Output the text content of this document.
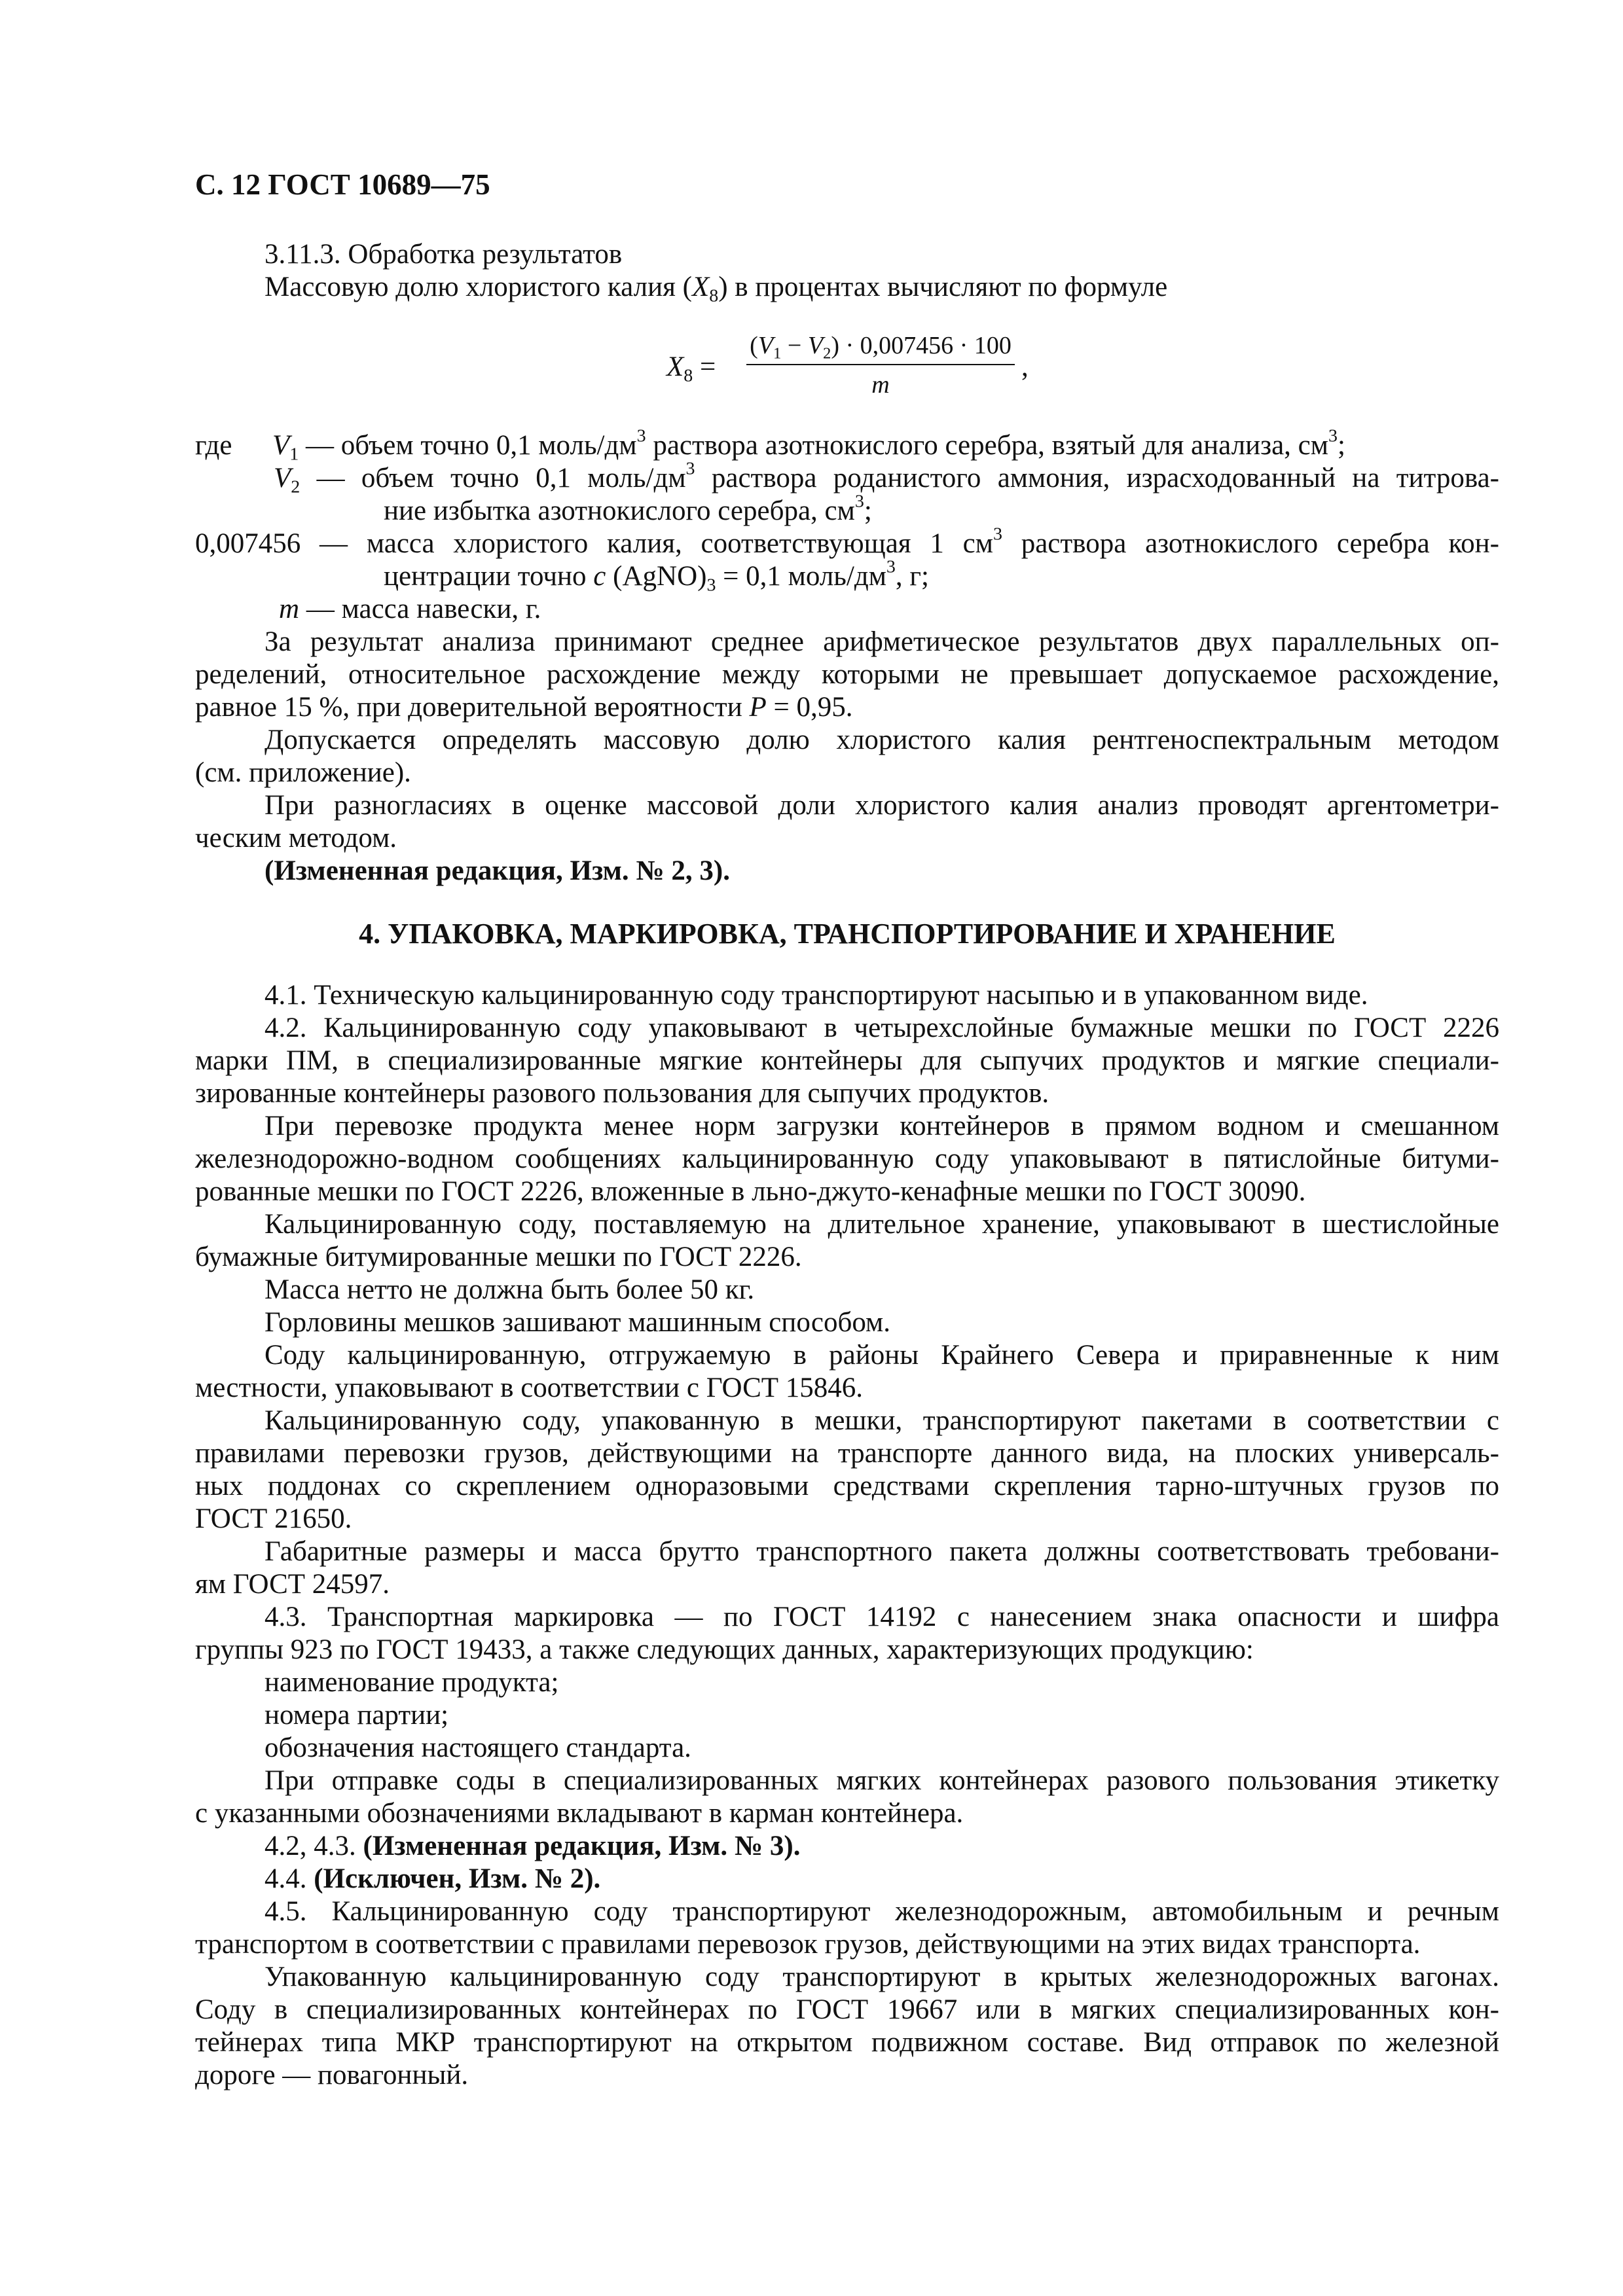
С. 12 ГОСТ 10689—75
3.11.3. Обработка результатов
Массовую долю хлористого калия $(X_8)$ в процентах вычисляют по формуле
$X_8$ =
$(V_1 - V_2) \cdot 0,007456 \cdot 100$
m
,
где $V_1$ — объем точно 0,1 моль/$дм^3$ раствора азотнокислого серебра, взятый для анализа, $см^3$;
$V_2$ — объем точно 0,1 моль/$дм^3$ раствора роданистого аммония, израсходованный на титрова-
ние избытка азотнокислого серебра, $см^3$;
0,007456 — масса хлористого калия, соответствующая 1 $см^3$ раствора азотнокислого серебра кон-
центрации точно c $(AgNO)_3 = 0,1$ моль/$дм^3$, г;
m — масса навески, г.
За результат анализа принимают среднее арифметическое результатов двух параллельных оп-
ределений, относительное расхождение между которыми не превышает допускаемое расхождение,
равное 15 %, при доверительной вероятности P = 0,95.
Допускается определять массовую долю хлористого калия рентгеноспектральным методом
(см. приложение).
При разногласиях в оценке массовой доли хлористого калия анализ проводят аргентометри-
ческим методом.
(Измененная редакция, Изм. № 2, 3).
4. УПАКОВКА, МАРКИРОВКА, ТРАНСПОРТИРОВАНИЕ И ХРАНЕНИЕ
4.1. Техническую кальцинированную соду транспортируют насыпью и в упакованном виде.
4.2. Кальцинированную соду упаковывают в четырехслойные бумажные мешки по ГОСТ 2226
марки ПМ, в специализированные мягкие контейнеры для сыпучих продуктов и мягкие специали-
зированные контейнеры разового пользования для сыпучих продуктов.
При перевозке продукта менее норм загрузки контейнеров в прямом водном и смешанном
железнодорожно-водном сообщениях кальцинированную соду упаковывают в пятислойные битуми-
рованные мешки по ГОСТ 2226, вложенные в льно-джуто-кенафные мешки по ГОСТ 30090.
Кальцинированную соду, поставляемую на длительное хранение, упаковывают в шестислойные
бумажные битумированные мешки по ГОСТ 2226.
Масса нетто не должна быть более 50 кг.
Горловины мешков зашивают машинным способом.
Соду кальцинированную, отгружаемую в районы Крайнего Севера и приравненные к ним
местности, упаковывают в соответствии с ГОСТ 15846.
Кальцинированную соду, упакованную в мешки, транспортируют пакетами в соответствии с
правилами перевозки грузов, действующими на транспорте данного вида, на плоских универсаль-
ных поддонах со скреплением одноразовыми средствами скрепления тарно-штучных грузов по
ГОСТ 21650.
Габаритные размеры и масса брутто транспортного пакета должны соответствовать требовани-
ям ГОСТ 24597.
4.3. Транспортная маркировка — по ГОСТ 14192 с нанесением знака опасности и шифра
группы 923 по ГОСТ 19433, а также следующих данных, характеризующих продукцию:
наименование продукта;
номера партии;
обозначения настоящего стандарта.
При отправке соды в специализированных мягких контейнерах разового пользования этикетку
с указанными обозначениями вкладывают в карман контейнера.
4.2, 4.3. (Измененная редакция, Изм. № 3).
4.4. (Исключен, Изм. № 2).
4.5. Кальцинированную соду транспортируют железнодорожным, автомобильным и речным
транспортом в соответствии с правилами перевозок грузов, действующими на этих видах транспорта.
Упакованную кальцинированную соду транспортируют в крытых железнодорожных вагонах.
Соду в специализированных контейнерах по ГОСТ 19667 или в мягких специализированных кон-
тейнерах типа МКР транспортируют на открытом подвижном составе. Вид отправок по железной
дороге — повагонный.
